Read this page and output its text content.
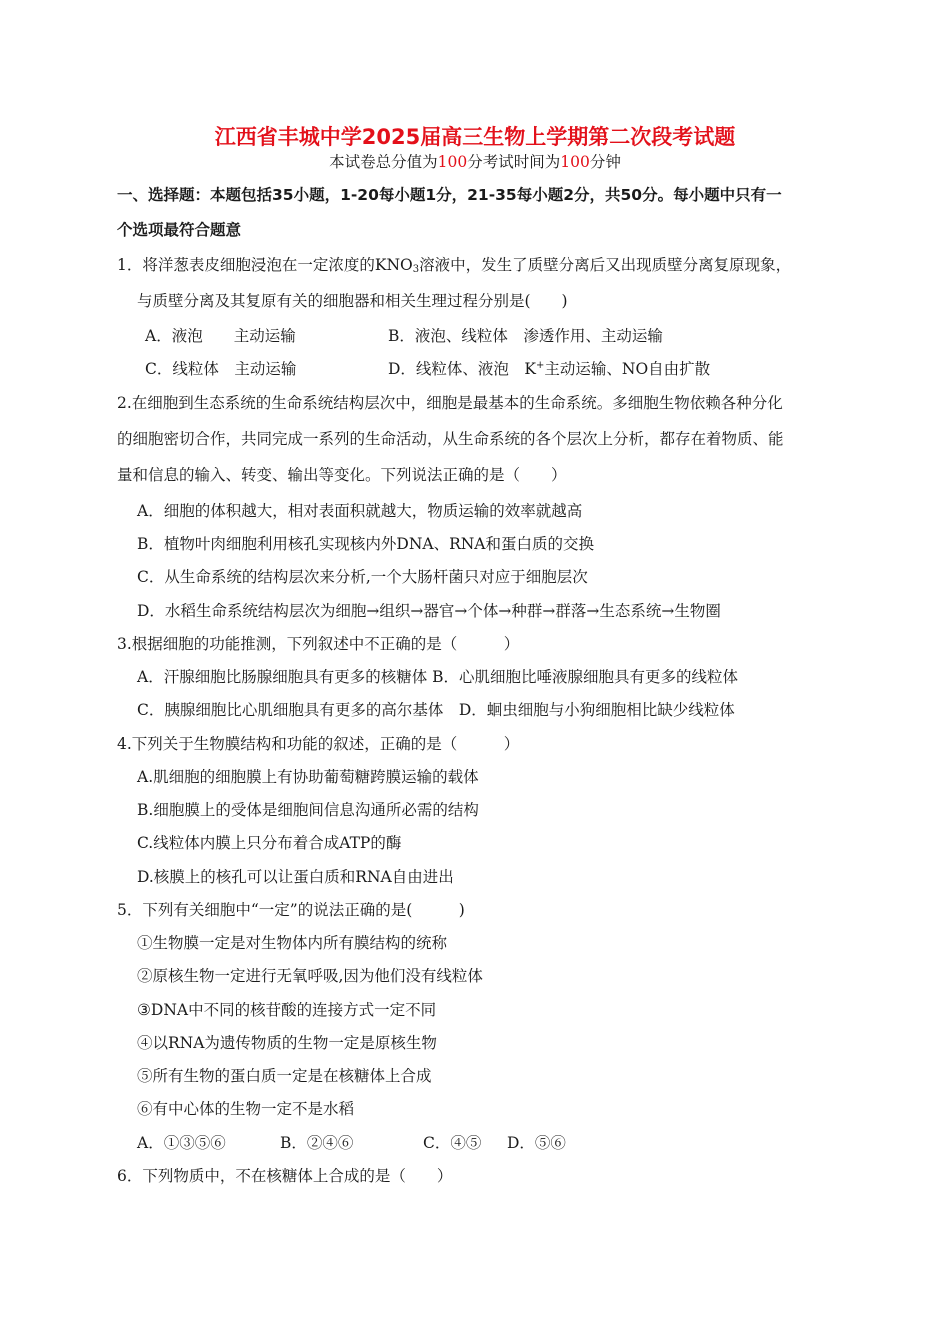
江西省丰城中学2025届高三生物上学期第二次段考试题
本试卷总分值为100分考试时间为100分钟
一、选择题：本题包括35小题，1-20每小题1分，21-35每小题2分，共50分。每小题中只有一
个选项最符合题意
1．将洋葱表皮细胞浸泡在一定浓度的$KNO_3$溶液中，发生了质壁分离后又出现质壁分离复原现象，
与质壁分离及其复原有关的细胞器和相关生理过程分别是(　　)
A．液泡　　主动运输	B．液泡、线粒体　渗透作用、主动运输
C．线粒体　主动运输	D．线粒体、液泡　K+主动运输、NO自由扩散
2.在细胞到生态系统的生命系统结构层次中，细胞是最基本的生命系统。多细胞生物依赖各种分化
的细胞密切合作，共同完成一系列的生命活动，从生命系统的各个层次上分析，都存在着物质、能
量和信息的输入、转变、输出等变化。下列说法正确的是（　　）
A．细胞的体积越大，相对表面积就越大，物质运输的效率就越高
B．植物叶肉细胞利用核孔实现核内外DNA、RNA和蛋白质的交换
C．从生命系统的结构层次来分析,一个大肠杆菌只对应于细胞层次
D．水稻生命系统结构层次为细胞→组织→器官→个体→种群→群落→生态系统→生物圈
3.根据细胞的功能推测，下列叙述中不正确的是（　　　）
A．汗腺细胞比肠腺细胞具有更多的核糖体 B．心肌细胞比唾液腺细胞具有更多的线粒体
C．胰腺细胞比心肌细胞具有更多的高尔基体　D．蛔虫细胞与小狗细胞相比缺少线粒体
4.下列关于生物膜结构和功能的叙述，正确的是（　　　）
A.肌细胞的细胞膜上有协助葡萄糖跨膜运输的载体
B.细胞膜上的受体是细胞间信息沟通所必需的结构
C.线粒体内膜上只分布着合成ATP的酶
D.核膜上的核孔可以让蛋白质和RNA自由进出
5．下列有关细胞中“一定”的说法正确的是(　　　)
①生物膜一定是对生物体内所有膜结构的统称
②原核生物一定进行无氧呼吸,因为他们没有线粒体
③DNA中不同的核苷酸的连接方式一定不同
④以RNA为遗传物质的生物一定是原核生物
⑤所有生物的蛋白质一定是在核糖体上合成
⑥有中心体的生物一定不是水稻
A．①③⑤⑥	B．②④⑥	C．④⑤ D．⑤⑥
6．下列物质中，不在核糖体上合成的是（　　）
